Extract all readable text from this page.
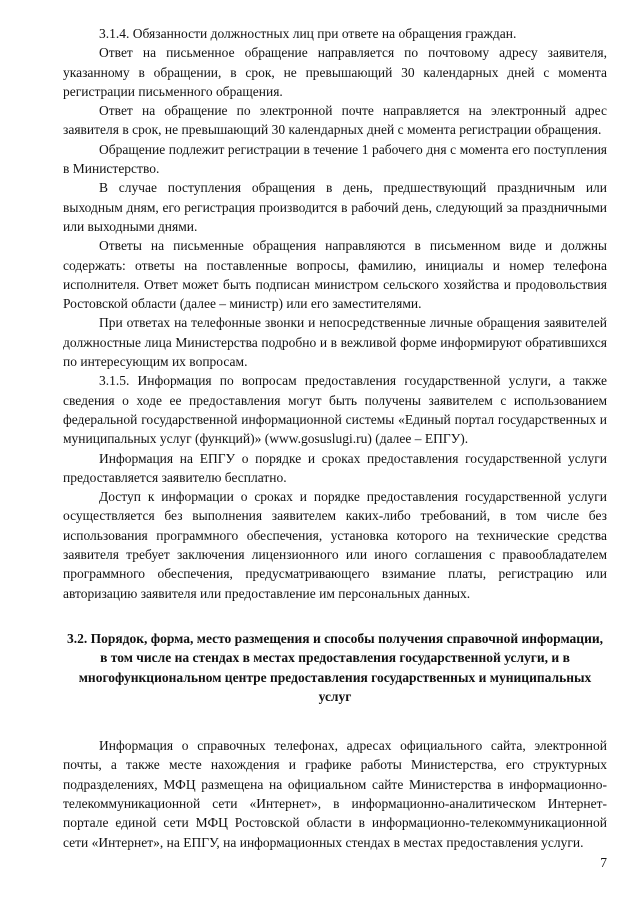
3.1.4. Обязанности должностных лиц при ответе на обращения граждан.

Ответ на письменное обращение направляется по почтовому адресу заявителя, указанному в обращении, в срок, не превышающий 30 календарных дней с момента регистрации письменного обращения.

Ответ на обращение по электронной почте направляется на электронный адрес заявителя в срок, не превышающий 30 календарных дней с момента регистрации обращения.

Обращение подлежит регистрации в течение 1 рабочего дня с момента его поступления в Министерство.

В случае поступления обращения в день, предшествующий праздничным или выходным дням, его регистрация производится в рабочий день, следующий за праздничными или выходными днями.

Ответы на письменные обращения направляются в письменном виде и должны содержать: ответы на поставленные вопросы, фамилию, инициалы и номер телефона исполнителя. Ответ может быть подписан министром сельского хозяйства и продовольствия Ростовской области (далее – министр) или его заместителями.

При ответах на телефонные звонки и непосредственные личные обращения заявителей должностные лица Министерства подробно и в вежливой форме информируют обратившихся по интересующим их вопросам.

3.1.5. Информация по вопросам предоставления государственной услуги, а также сведения о ходе ее предоставления могут быть получены заявителем с использованием федеральной государственной информационной системы «Единый портал государственных и муниципальных услуг (функций)» (www.gosuslugi.ru) (далее – ЕПГУ).

Информация на ЕПГУ о порядке и сроках предоставления государственной услуги предоставляется заявителю бесплатно.

Доступ к информации о сроках и порядке предоставления государственной услуги осуществляется без выполнения заявителем каких-либо требований, в том числе без использования программного обеспечения, установка которого на технические средства заявителя требует заключения лицензионного или иного соглашения с правообладателем программного обеспечения, предусматривающего взимание платы, регистрацию или авторизацию заявителя или предоставление им персональных данных.

3.2. Порядок, форма, место размещения и способы получения справочной информации, в том числе на стендах в местах предоставления государственной услуги, и в многофункциональном центре предоставления государственных и муниципальных услуг

Информация о справочных телефонах, адресах официального сайта, электронной почты, а также месте нахождения и графике работы Министерства, его структурных подразделениях, МФЦ размещена на официальном сайте Министерства в информационно-телекоммуникационной сети «Интернет», в информационно-аналитическом Интернет-портале единой сети МФЦ Ростовской области в информационно-телекоммуникационной сети «Интернет», на ЕПГУ, на информационных стендах в местах предоставления услуги.

7
